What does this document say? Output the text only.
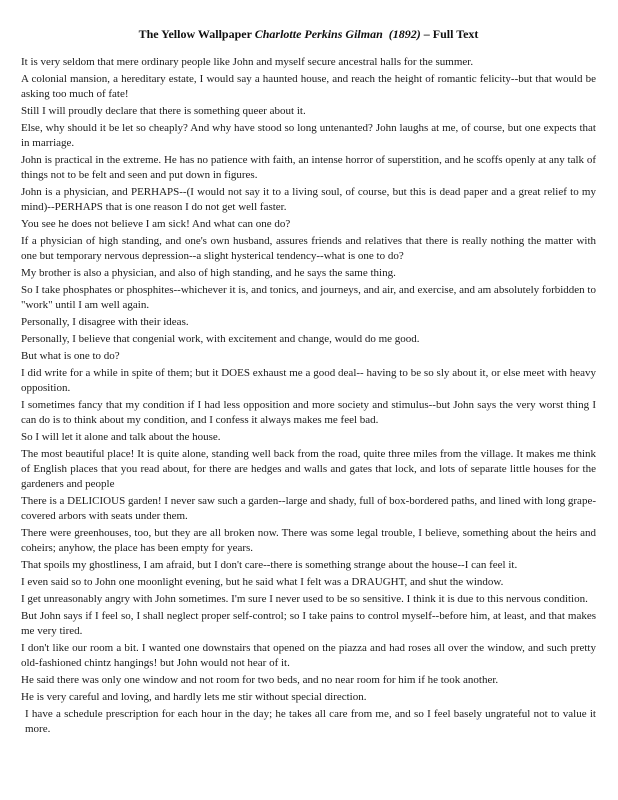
The Yellow Wallpaper Charlotte Perkins Gilman  (1892) – Full Text

It is very seldom that mere ordinary people like John and myself secure ancestral halls for the summer.

A colonial mansion, a hereditary estate, I would say a haunted house, and reach the height of romantic felicity--but that would be asking too much of fate!

Still I will proudly declare that there is something queer about it.

Else, why should it be let so cheaply? And why have stood so long untenanted? John laughs at me, of course, but one expects that in marriage.

John is practical in the extreme. He has no patience with faith, an intense horror of superstition, and he scoffs openly at any talk of things not to be felt and seen and put down in figures.

John is a physician, and PERHAPS--(I would not say it to a living soul, of course, but this is dead paper and a great relief to my mind)--PERHAPS that is one reason I do not get well faster.

You see he does not believe I am sick! And what can one do?

If a physician of high standing, and one's own husband, assures friends and relatives that there is really nothing the matter with one but temporary nervous depression--a slight hysterical tendency--what is one to do?

My brother is also a physician, and also of high standing, and he says the same thing.

So I take phosphates or phosphites--whichever it is, and tonics, and journeys, and air, and exercise, and am absolutely forbidden to "work" until I am well again.

Personally, I disagree with their ideas.

Personally, I believe that congenial work, with excitement and change, would do me good.

But what is one to do?

I did write for a while in spite of them; but it DOES exhaust me a good deal-- having to be so sly about it, or else meet with heavy opposition.

I sometimes fancy that my condition if I had less opposition and more society and stimulus--but John says the very worst thing I can do is to think about my condition, and I confess it always makes me feel bad.

So I will let it alone and talk about the house.

The most beautiful place! It is quite alone, standing well back from the road, quite three miles from the village. It makes me think of English places that you read about, for there are hedges and walls and gates that lock, and lots of separate little houses for the gardeners and people

There is a DELICIOUS garden! I never saw such a garden--large and shady, full of box-bordered paths, and lined with long grape-covered arbors with seats under them.

There were greenhouses, too, but they are all broken now. There was some legal trouble, I believe, something about the heirs and coheirs; anyhow, the place has been empty for years.

That spoils my ghostliness, I am afraid, but I don't care--there is something strange about the house--I can feel it.

I even said so to John one moonlight evening, but he said what I felt was a DRAUGHT, and shut the window.

I get unreasonably angry with John sometimes. I'm sure I never used to be so sensitive. I think it is due to this nervous condition.

But John says if I feel so, I shall neglect proper self-control; so I take pains to control myself--before him, at least, and that makes me very tired.

I don't like our room a bit. I wanted one downstairs that opened on the piazza and had roses all over the window, and such pretty old-fashioned chintz hangings! but John would not hear of it.

He said there was only one window and not room for two beds, and no near room for him if he took another.

He is very careful and loving, and hardly lets me stir without special direction.

I have a schedule prescription for each hour in the day; he takes all care from me, and so I feel basely ungrateful not to value it more.
